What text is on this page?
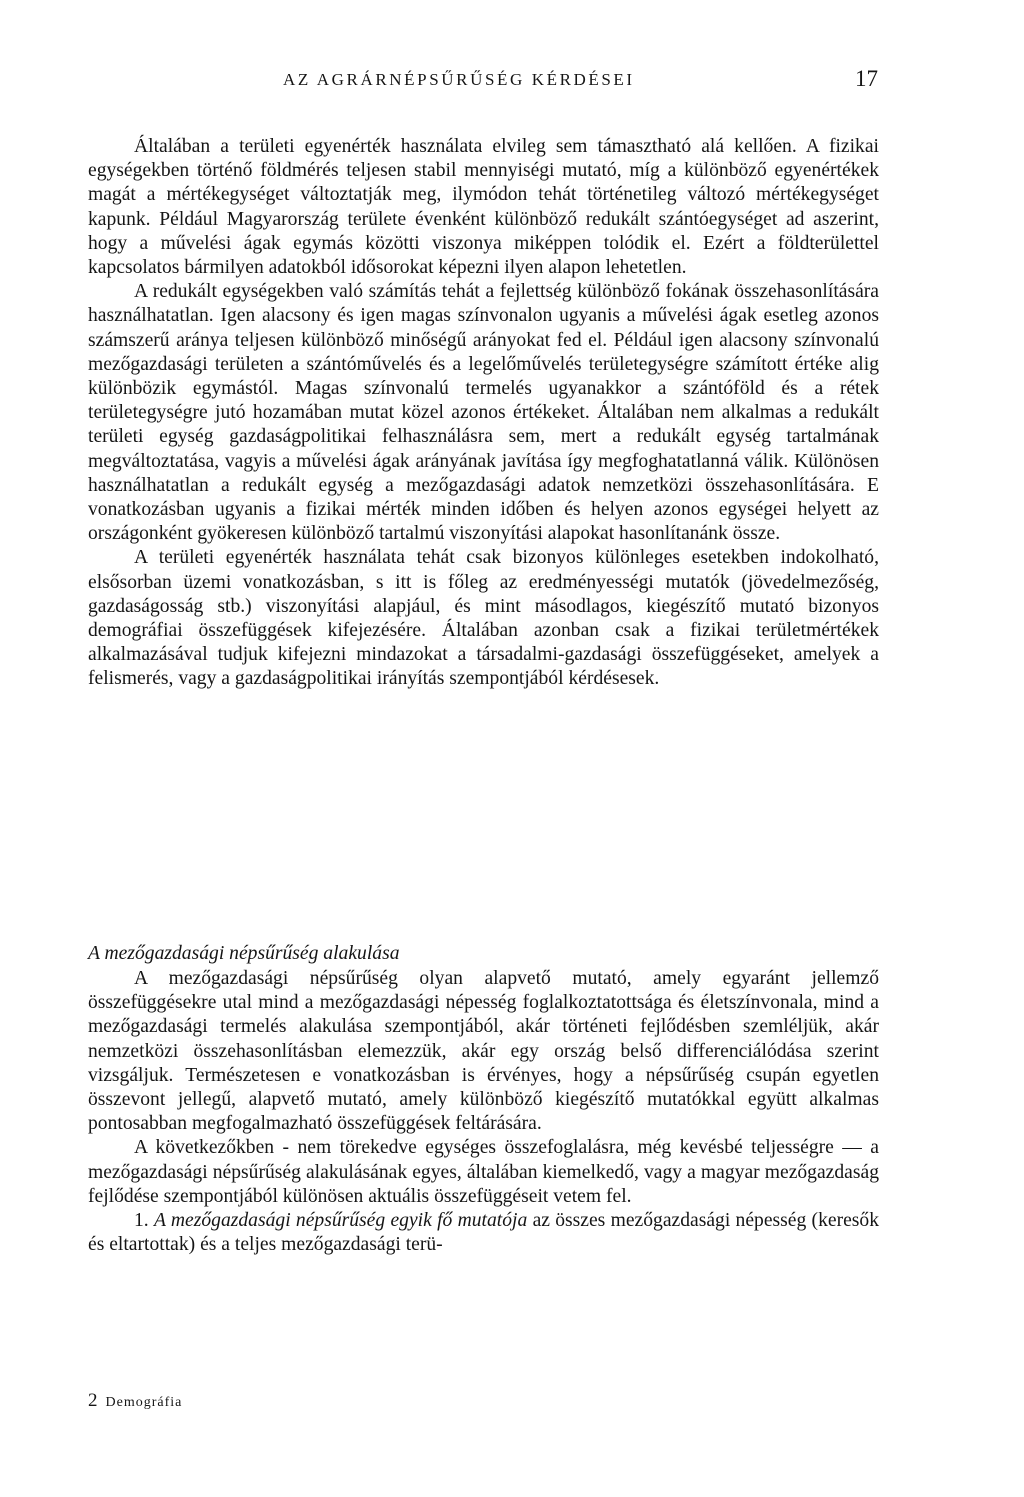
AZ AGRÁRNÉPSŰRŰSÉG KÉRDÉSEI	17

Általában a területi egyenérték használata elvileg sem támasztható alá kellően. A fizikai egységekben történő földmérés teljesen stabil mennyiségi mutató, míg a különböző egyenértékek magát a mértékegységet változtatják meg, ilymódon tehát történetileg változó mértékegységet kapunk. Például Magyarország területe évenként különböző redukált szántóegységet ad aszerint, hogy a művelési ágak egymás közötti viszonya miképpen tolódik el. Ezért a földterülettel kapcsolatos bármilyen adatokból idősorokat képezni ilyen alapon lehetetlen.

A redukált egységekben való számítás tehát a fejlettség különböző fokának összehasonlítására használhatatlan. Igen alacsony és igen magas színvonalon ugyanis a művelési ágak esetleg azonos számszerű aránya teljesen különböző minőségű arányokat fed el. Például igen alacsony színvonalú mezőgazdasági területen a szántóművelés és a legelőművelés területegységre számított értéke alig különbözik egymástól. Magas színvonalú termelés ugyanakkor a szántóföld és a rétek területegységre jutó hozamában mutat közel azonos értékeket. Általában nem alkalmas a redukált területi egység gazdaságpolitikai felhasználásra sem, mert a redukált egység tartalmának megváltoztatása, vagyis a művelési ágak arányának javítása így megfoghatatlanná válik. Különösen használhatatlan a redukált egység a mezőgazdasági adatok nemzetközi összehasonlítására. E vonatkozásban ugyanis a fizikai mérték minden időben és helyen azonos egységei helyett az országonként gyökeresen különböző tartalmú viszonyítási alapokat hasonlítanánk össze.

A területi egyenérték használata tehát csak bizonyos különleges esetekben indokolható, elsősorban üzemi vonatkozásban, s itt is főleg az eredményességi mutatók (jövedelmezőség, gazdaságosság stb.) viszonyítási alapjául, és mint másodlagos, kiegészítő mutató bizonyos demográfiai összefüggések kifejezésére. Általában azonban csak a fizikai területmértékek alkalmazásával tudjuk kifejezni mindazokat a társadalmi-gazdasági összefüggéseket, amelyek a felismerés, vagy a gazdaságpolitikai irányítás szempontjából kérdésesek.

A mezőgazdasági népsűrűség alakulása

A mezőgazdasági népsűrűség olyan alapvető mutató, amely egyaránt jellemző összefüggésekre utal mind a mezőgazdasági népesség foglalkoztatottsága és életszínvonala, mind a mezőgazdasági termelés alakulása szempontjából, akár történeti fejlődésben szemléljük, akár nemzetközi összehasonlításban elemezzük, akár egy ország belső differenciálódása szerint vizsgáljuk. Természetesen e vonatkozásban is érvényes, hogy a népsűrűség csupán egyetlen összevont jellegű, alapvető mutató, amely különböző kiegészítő mutatókkal együtt alkalmas pontosabban megfogalmazható összefüggések feltárására.

A következőkben - nem törekedve egységes összefoglalásra, még kevésbé teljességre — a mezőgazdasági népsűrűség alakulásának egyes, általában kiemelkedő, vagy a magyar mezőgazdaság fejlődése szempontjából különösen aktuális összefüggéseit vetem fel.

1. A mezőgazdasági népsűrűség egyik fő mutatója az összes mezőgazdasági népesség (keresők és eltartottak) és a teljes mezőgazdasági terü-

2 Demográfia
